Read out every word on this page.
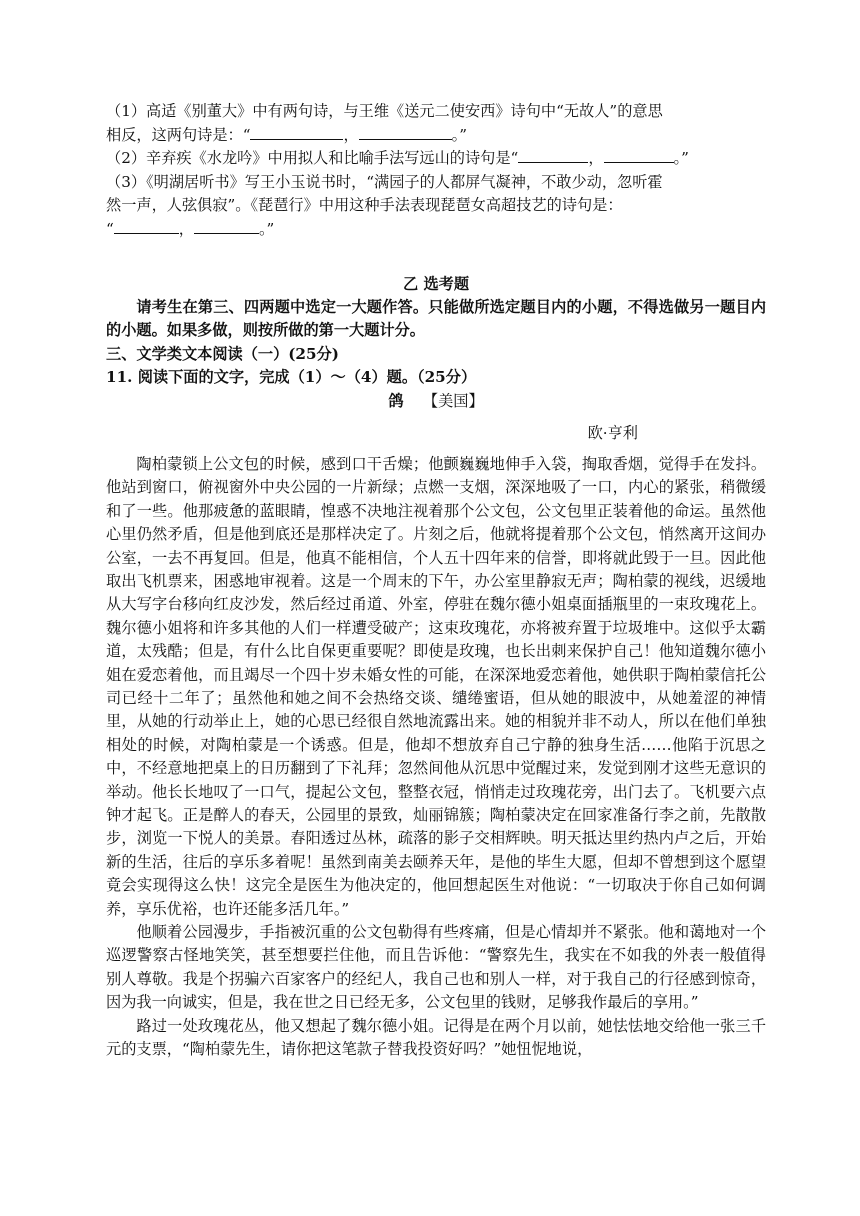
（1）高适《别董大》中有两句诗，与王维《送元二使安西》诗句中“无故人”的意思

相反，这两句诗是：“	，	。”

（2）辛弃疾《水龙吟》中用拟人和比喻手法写远山的诗句是“	，	。”

（3）《明湖居听书》写王小玉说书时，“满园子的人都屏气凝神，不敢少动，忽听霍

然一声，人弦俱寂”。《琵琶行》中用这种手法表现琵琶女高超技艺的诗句是：

“	，	。”

乙 选考题

请考生在第三、四两题中选定一大题作答。只能做所选定题目内的小题，不得选做另一题目内的小题。如果多做，则按所做的第一大题计分。

三、文学类文本阅读（一）(25分)

11. 阅读下面的文字，完成（1）～（4）题。（25分）

鸽 【美国】

欧·亨利

陶柏蒙锁上公文包的时候，感到口干舌燥；他颤巍巍地伸手入袋，掏取香烟，觉得手在发抖。他站到窗口，俯视窗外中央公园的一片新绿；点燃一支烟，深深地吸了一口，内心的紧张，稍微缓和了一些。他那疲惫的蓝眼睛，惶惑不决地注视着那个公文包，公文包里正装着他的命运。虽然他心里仍然矛盾，但是他到底还是那样决定了。片刻之后，他就将提着那个公文包，悄然离开这间办公室，一去不再复回。但是，他真不能相信，个人五十四年来的信誉，即将就此毁于一旦。因此他取出飞机票来，困惑地审视着。这是一个周末的下午，办公室里静寂无声；陶柏蒙的视线，迟缓地从大写字台移向红皮沙发，然后经过甬道、外室，停驻在魏尔德小姐桌面插瓶里的一束玫瑰花上。魏尔德小姐将和许多其他的人们一样遭受破产；这束玫瑰花，亦将被弃置于垃圾堆中。这似乎太霸道，太残酷；但是，有什么比自保更重要呢？即使是玫瑰，也长出刺来保护自己！他知道魏尔德小姐在爱恋着他，而且竭尽一个四十岁未婚女性的可能，在深深地爱恋着他，她供职于陶柏蒙信托公司已经十二年了；虽然他和她之间不会热络交谈、缱绻蜜语，但从她的眼波中，从她羞涩的神情里，从她的行动举止上，她的心思已经很自然地流露出来。她的相貌并非不动人，所以在他们单独相处的时候，对陶柏蒙是一个诱惑。但是，他却不想放弃自己宁静的独身生活……他陷于沉思之中，不经意地把桌上的日历翻到了下礼拜；忽然间他从沉思中觉醒过来，发觉到刚才这些无意识的举动。他长长地叹了一口气，提起公文包，整整衣冠，悄悄走过玫瑰花旁，出门去了。飞机要六点钟才起飞。正是醉人的春天，公园里的景致，灿丽锦簇；陶柏蒙决定在回家准备行李之前，先散散步，浏览一下悦人的美景。春阳透过丛林，疏落的影子交相辉映。明天抵达里约热内卢之后，开始新的生活，往后的享乐多着呢！虽然到南美去颐养天年，是他的毕生大愿，但却不曾想到这个愿望竟会实现得这么快！这完全是医生为他决定的，他回想起医生对他说：“一切取决于你自己如何调养，享乐优裕，也许还能多活几年。”

他顺着公园漫步，手指被沉重的公文包勒得有些疼痛，但是心情却并不紧张。他和蔼地对一个巡逻警察古怪地笑笑，甚至想要拦住他，而且告诉他：“警察先生，我实在不如我的外表一般值得别人尊敬。我是个拐骗六百家客户的经纪人，我自己也和别人一样，对于我自己的行径感到惊奇，因为我一向诚实，但是，我在世之日已经无多，公文包里的钱财，足够我作最后的享用。”

路过一处玫瑰花丛，他又想起了魏尔德小姐。记得是在两个月以前，她怯怯地交给他一张三千元的支票，“陶柏蒙先生，请你把这笔款子替我投资好吗？”她忸怩地说，
